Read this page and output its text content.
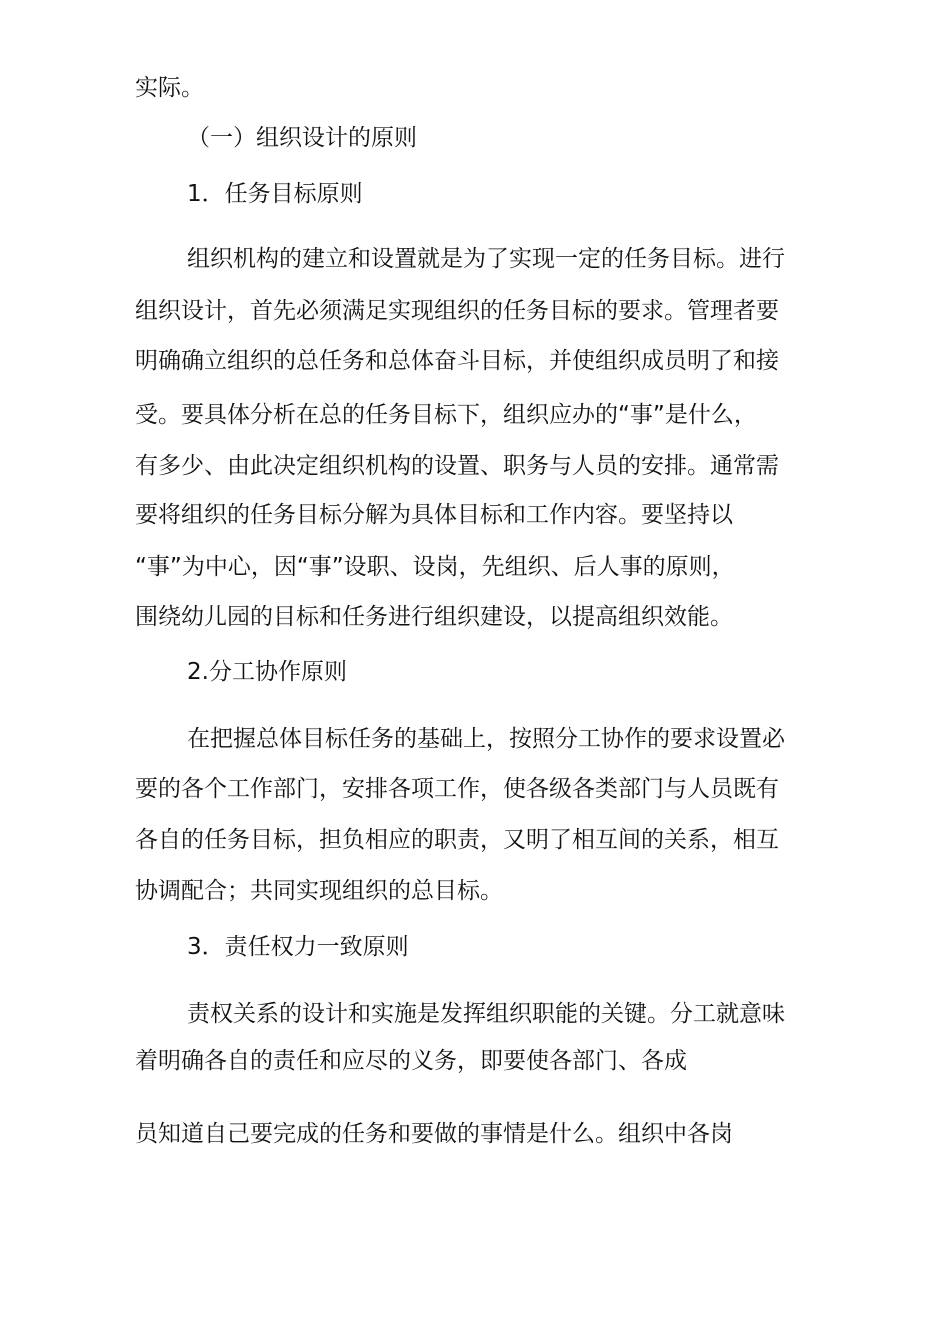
实际。
（一）组织设计的原则
1．任务目标原则
组织机构的建立和设置就是为了实现一定的任务目标。进行
组织设计，首先必须满足实现组织的任务目标的要求。管理者要
明确确立组织的总任务和总体奋斗目标，并使组织成员明了和接
受。要具体分析在总的任务目标下，组织应办的“事”是什么，
有多少、由此决定组织机构的设置、职务与人员的安排。通常需
要将组织的任务目标分解为具体目标和工作内容。要坚持以
“事”为中心，因“事”设职、设岗，先组织、后人事的原则，
围绕幼儿园的目标和任务进行组织建设，以提高组织效能。
2.分工协作原则
在把握总体目标任务的基础上，按照分工协作的要求设置必
要的各个工作部门，安排各项工作，使各级各类部门与人员既有
各自的任务目标，担负相应的职责，又明了相互间的关系，相互
协调配合；共同实现组织的总目标。
3．责任权力一致原则
责权关系的设计和实施是发挥组织职能的关键。分工就意味
着明确各自的责任和应尽的义务，即要使各部门、各成
员知道自己要完成的任务和要做的事情是什么。组织中各岗
